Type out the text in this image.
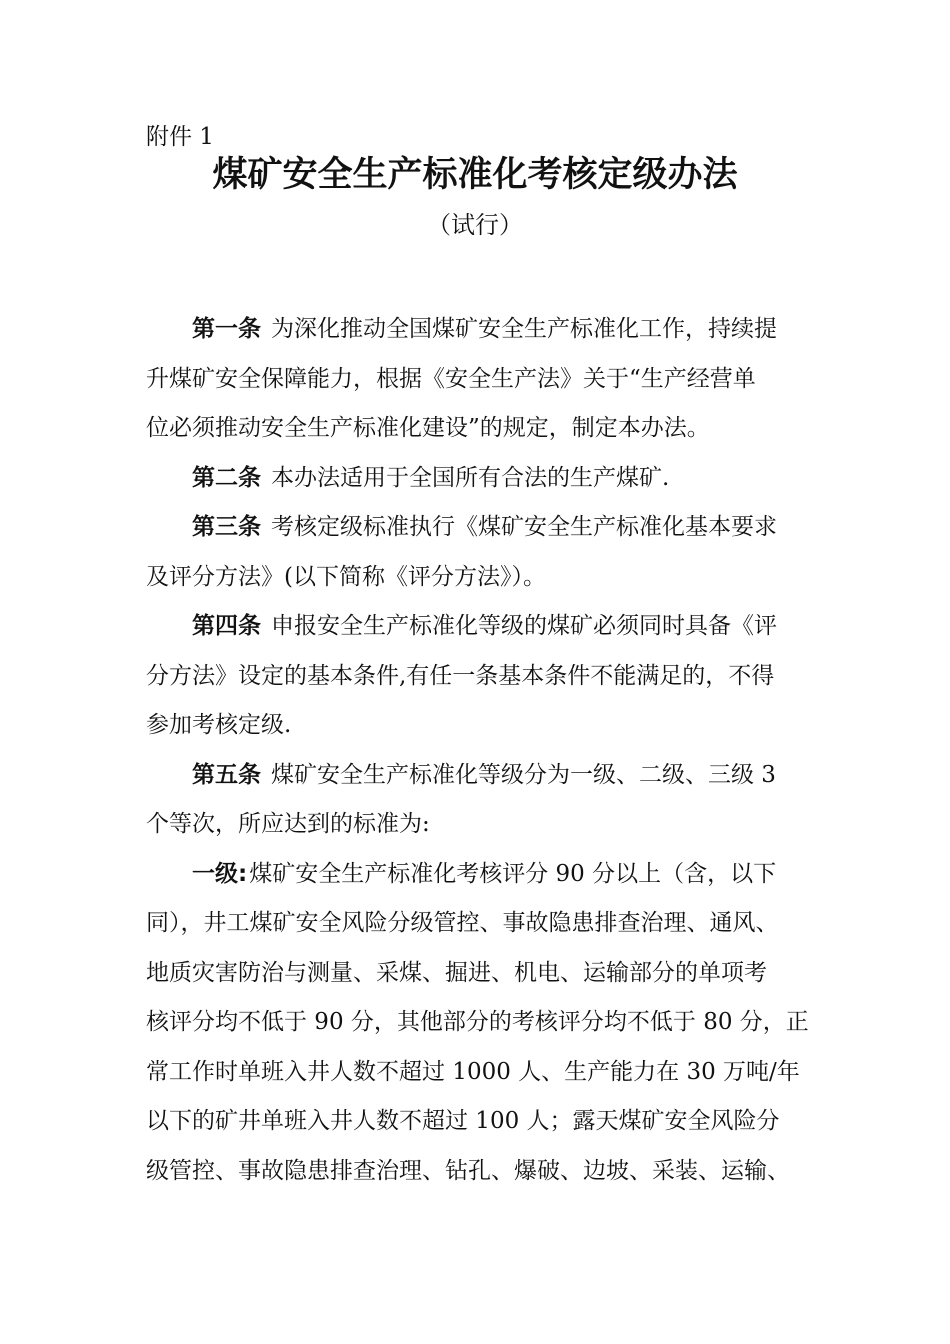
附件 1
煤矿安全生产标准化考核定级办法
（试行）
第一条 为深化推动全国煤矿安全生产标准化工作，持续提
升煤矿安全保障能力，根据《安全生产法》关于“生产经营单
位必须推动安全生产标准化建设”的规定，制定本办法。
第二条 本办法适用于全国所有合法的生产煤矿.
第三条 考核定级标准执行《煤矿安全生产标准化基本要求
及评分方法》(以下简称《评分方法》）。
第四条 申报安全生产标准化等级的煤矿必须同时具备《评
分方法》设定的基本条件,有任一条基本条件不能满足的，不得
参加考核定级.
第五条 煤矿安全生产标准化等级分为一级、二级、三级 3
个等次，所应达到的标准为:
一级:煤矿安全生产标准化考核评分 90 分以上（含，以下
同），井工煤矿安全风险分级管控、事故隐患排查治理、通风、
地质灾害防治与测量、采煤、掘进、机电、运输部分的单项考
核评分均不低于 90 分，其他部分的考核评分均不低于 80 分，正
常工作时单班入井人数不超过 1000 人、生产能力在 30 万吨/年
以下的矿井单班入井人数不超过 100 人；露天煤矿安全风险分
级管控、事故隐患排查治理、钻孔、爆破、边坡、采装、运输、
